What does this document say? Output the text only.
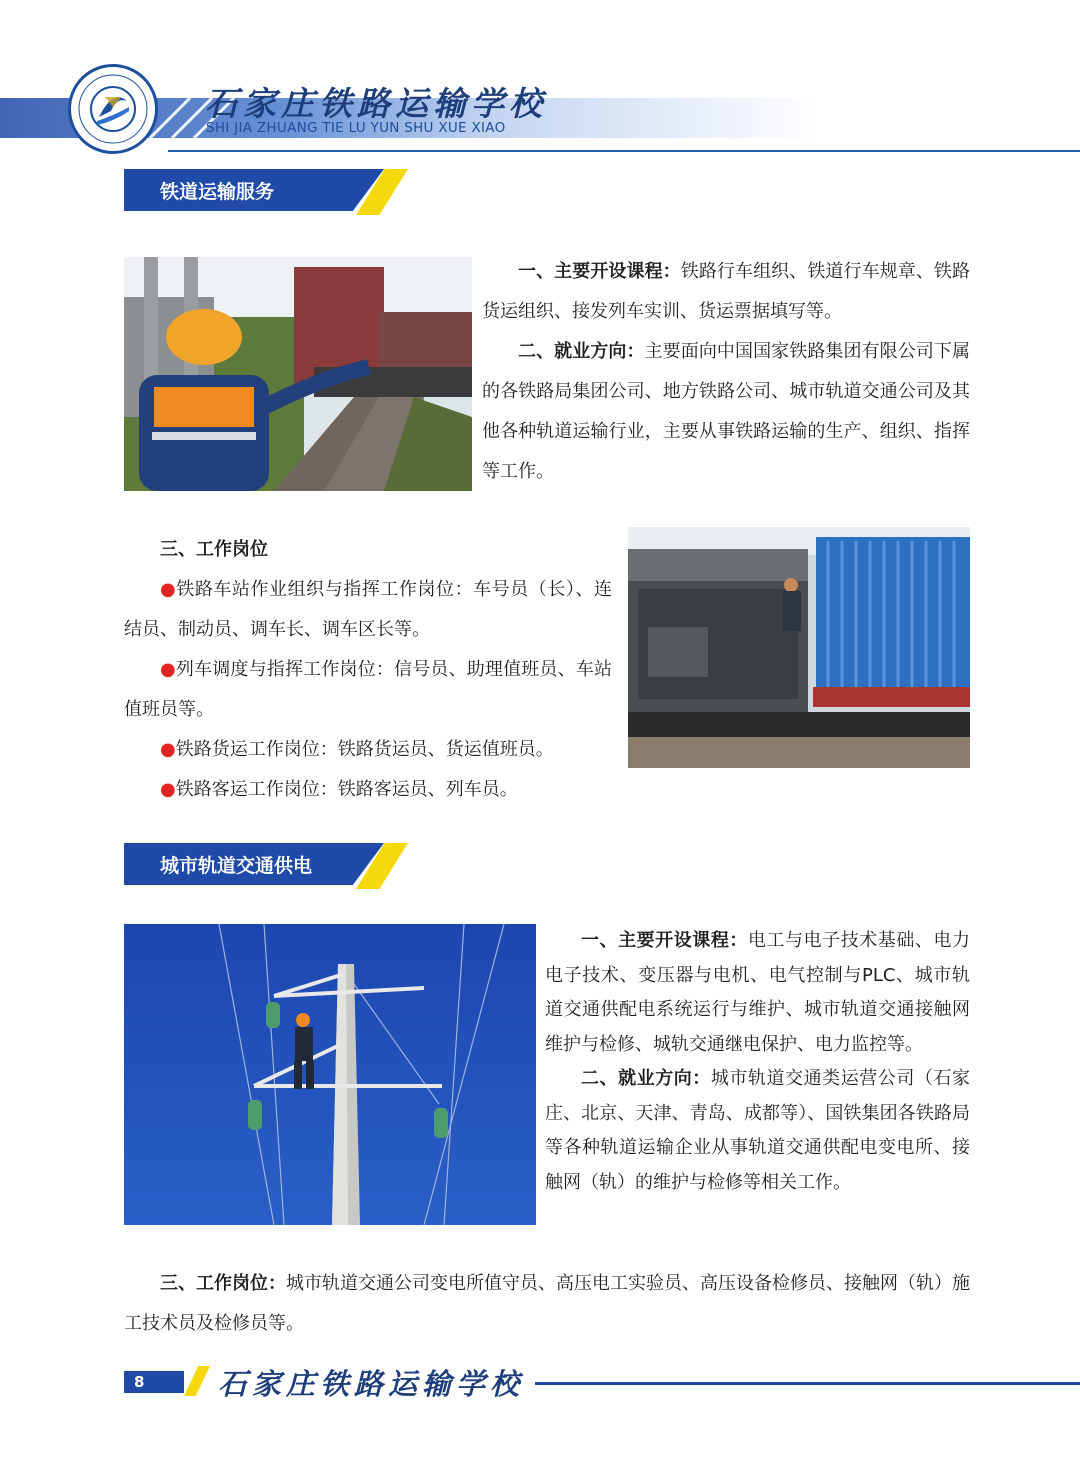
石家庄铁路运输学校
SHI JIA ZHUANG TIE LU YUN SHU XUE XIAO
铁道运输服务

一、主要开设课程：铁路行车组织、铁道行车规章、铁路货运组织、接发列车实训、货运票据填写等。

二、就业方向：主要面向中国国家铁路集团有限公司下属的各铁路局集团公司、地方铁路公司、城市轨道交通公司及其他各种轨道运输行业，主要从事铁路运输的生产、组织、指挥等工作。

三、工作岗位

●铁路车站作业组织与指挥工作岗位：车号员（长）、连结员、制动员、调车长、调车区长等。

●列车调度与指挥工作岗位：信号员、助理值班员、车站值班员等。

●铁路货运工作岗位：铁路货运员、货运值班员。

●铁路客运工作岗位：铁路客运员、列车员。

城市轨道交通供电

一、主要开设课程：电工与电子技术基础、电力电子技术、变压器与电机、电气控制与PLC、城市轨道交通供配电系统运行与维护、城市轨道交通接触网维护与检修、城轨交通继电保护、电力监控等。

二、就业方向：城市轨道交通类运营公司（石家庄、北京、天津、青岛、成都等）、国铁集团各铁路局等各种轨道运输企业从事轨道交通供配电变电所、接触网（轨）的维护与检修等相关工作。

三、工作岗位：城市轨道交通公司变电所值守员、高压电工实验员、高压设备检修员、接触网（轨）施工技术员及检修员等。

8	石家庄铁路运输学校
